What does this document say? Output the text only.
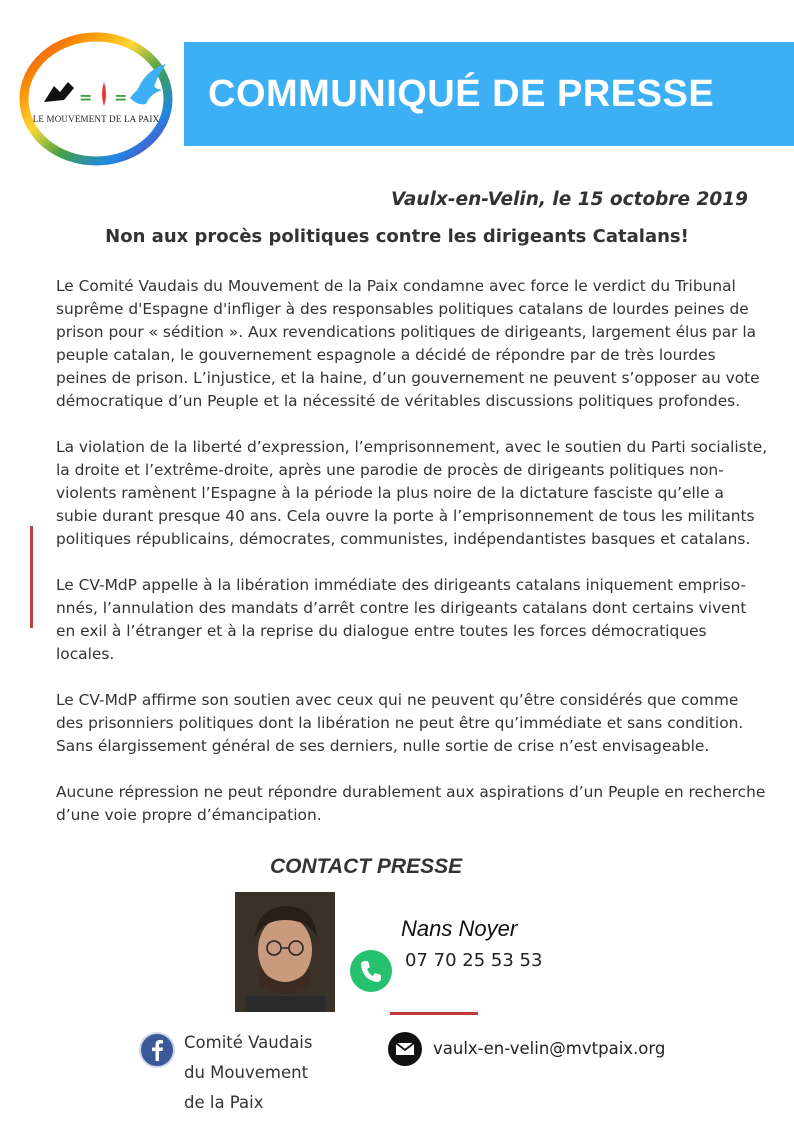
= =
LE MOUVEMENT DE LA PAIX
COMMUNIQUÉ DE PRESSE
Vaulx-en-Velin, le 15 octobre 2019
Non aux procès politiques contre les dirigeants Catalans!

Le Comité Vaudais du Mouvement de la Paix condamne avec force le verdict du Tribunal suprême d'Espagne d'infliger à des responsables politiques catalans de lourdes peines de prison pour « sédition ». Aux revendications politiques de dirigeants, largement élus par la peuple catalan, le gouvernement espagnole a décidé de répondre par de très lourdes peines de prison. L’injustice, et la haine, d’un gouvernement ne peuvent s’opposer au vote démocratique d’un Peuple et la nécessité de véritables discussions politiques profondes.

La violation de la liberté d’expression, l’emprisonnement, avec le soutien du Parti socialiste, la droite et l’extrême-droite, après une parodie de procès de dirigeants politiques non-violents ramènent l’Espagne à la période la plus noire de la dictature fasciste qu’elle a subie durant presque 40 ans. Cela ouvre la porte à l’emprisonnement de tous les militants politiques républicains, démocrates, communistes, indépendantistes basques et catalans.

Le CV-MdP appelle à la libération immédiate des dirigeants catalans iniquement empriso-nnés, l’annulation des mandats d’arrêt contre les dirigeants catalans dont certains vivent en exil à l’étranger et à la reprise du dialogue entre toutes les forces démocratiques locales.

Le CV-MdP affirme son soutien avec ceux qui ne peuvent qu’être considérés que comme des prisonniers politiques dont la libération ne peut être qu’immédiate et sans condition. Sans élargissement général de ses derniers, nulle sortie de crise n’est envisageable.

Aucune répression ne peut répondre durablement aux aspirations d’un Peuple en recherche d’une voie propre d’émancipation.

CONTACT PRESSE
Nans Noyer
07 70 25 53 53
Comité Vaudais
du Mouvement
de la Paix
vaulx-en-velin@mvtpaix.org
